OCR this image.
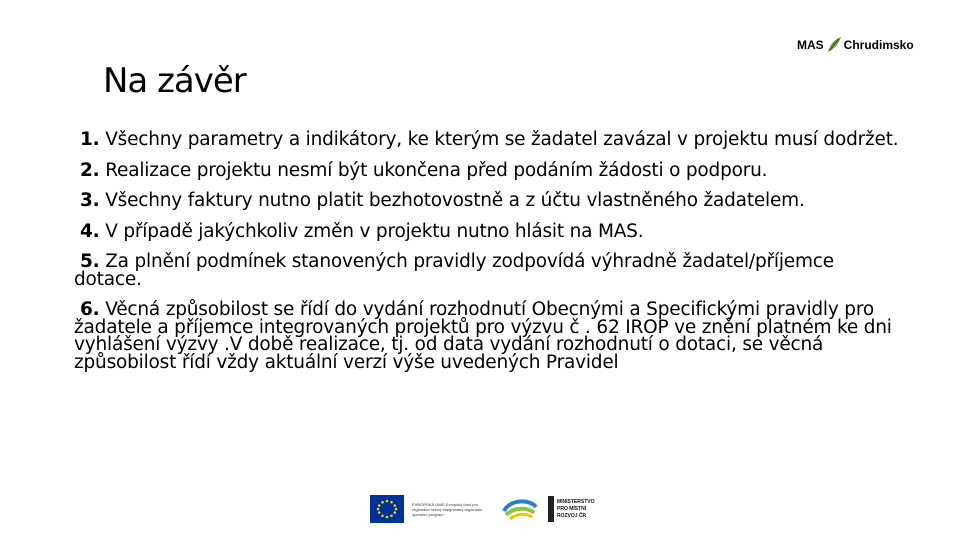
MAS Chrudimsko
Na závěr

1. Všechny parametry a indikátory, ke kterým se žadatel zavázal v projektu musí dodržet.

2. Realizace projektu nesmí být ukončena před podáním žádosti o podporu.

3. Všechny faktury nutno platit bezhotovostně a z účtu vlastněného žadatelem.

4. V případě jakýchkoliv změn v projektu nutno hlásit na MAS.

5. Za plnění podmínek stanovených pravidly zodpovídá výhradně žadatel/příjemce dotace.

6. Věcná způsobilost se řídí do vydání rozhodnutí Obecnými a Specifickými pravidly pro žadatele a příjemce integrovaných projektů pro výzvu č . 62 IROP ve znění platném ke dni vyhlášení výzvy .V době realizace, tj. od data vydání rozhodnutí o dotaci, se věcná způsobilost řídí vždy aktuální verzí výše uvedených Pravidel

EVROPSKÁ UNIE Evropský fond pro regionální rozvoj Integrovaný regionální operační program
MINISTERSTVO
PRO MÍSTNÍ
ROZVOJ ČR
